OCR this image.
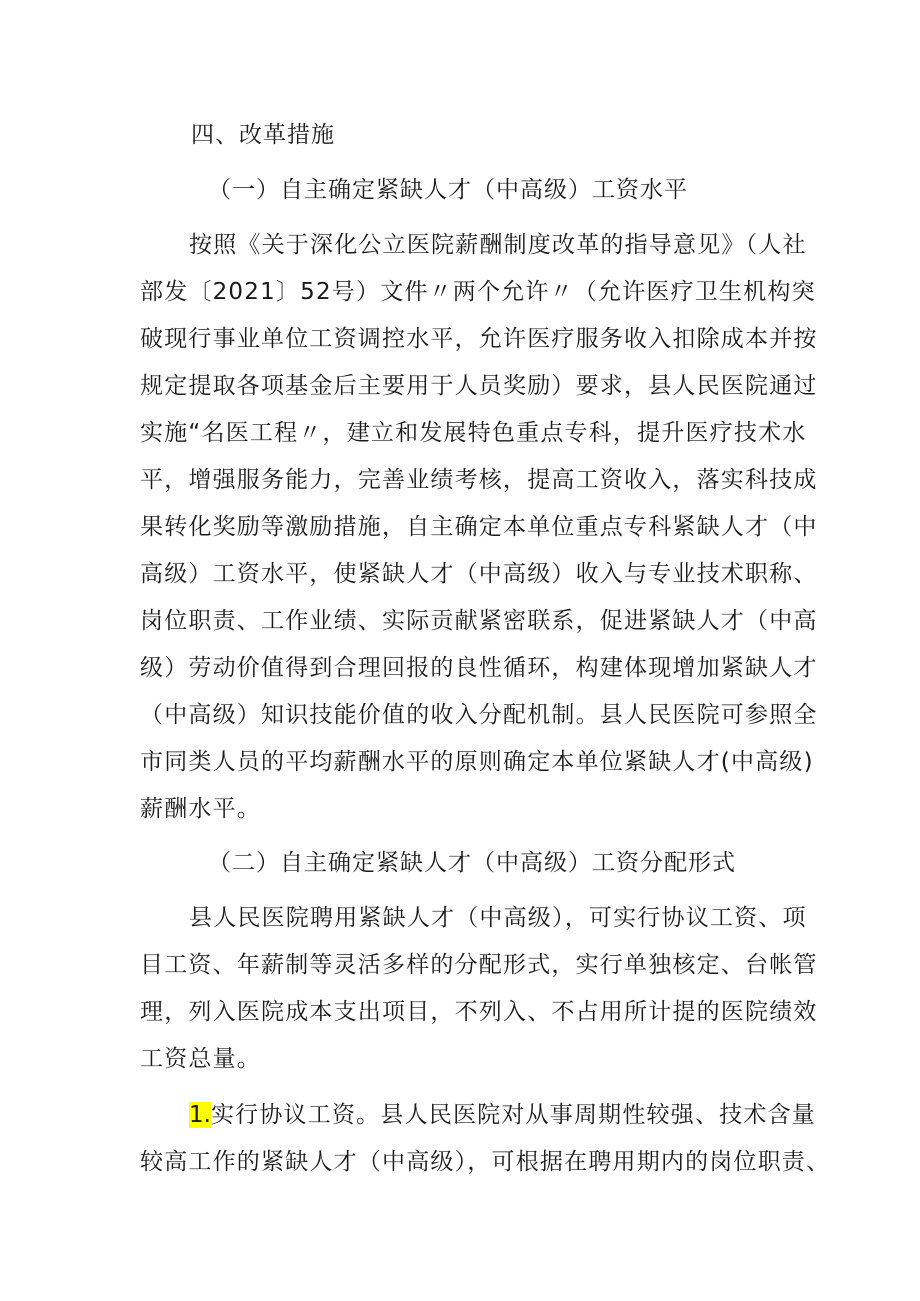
四、改革措施
（一）自主确定紧缺人才（中高级）工资水平
按照《关于深化公立医院薪酬制度改革的指导意见》（人社
部发〔2021〕52号）文件〃两个允许〃（允许医疗卫生机构突
破现行事业单位工资调控水平，允许医疗服务收入扣除成本并按
规定提取各项基金后主要用于人员奖励）要求，县人民医院通过
实施“名医工程〃，建立和发展特色重点专科，提升医疗技术水
平，增强服务能力，完善业绩考核，提高工资收入，落实科技成
果转化奖励等激励措施，自主确定本单位重点专科紧缺人才（中
高级）工资水平，使紧缺人才（中高级）收入与专业技术职称、
岗位职责、工作业绩、实际贡献紧密联系，促进紧缺人才（中高
级）劳动价值得到合理回报的良性循环，构建体现增加紧缺人才
（中高级）知识技能价值的收入分配机制。县人民医院可参照全
市同类人员的平均薪酬水平的原则确定本单位紧缺人才(中高级)
薪酬水平。
（二）自主确定紧缺人才（中高级）工资分配形式
县人民医院聘用紧缺人才（中高级），可实行协议工资、项
目工资、年薪制等灵活多样的分配形式，实行单独核定、台帐管
理，列入医院成本支出项目，不列入、不占用所计提的医院绩效
工资总量。
1.实行协议工资。县人民医院对从事周期性较强、技术含量
较高工作的紧缺人才（中高级），可根据在聘用期内的岗位职责、
